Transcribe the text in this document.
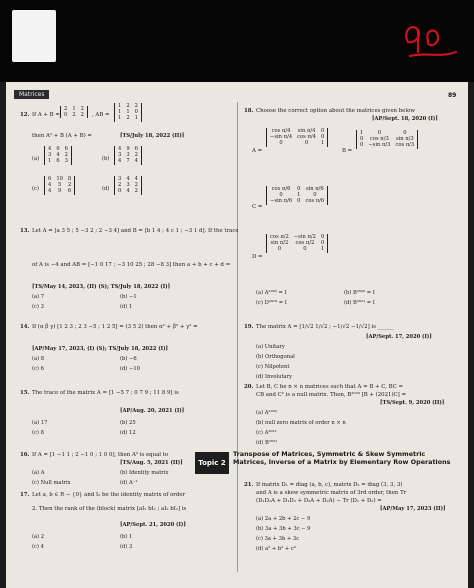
Matrices	89
12. If A + B =
2 1 2
0 2 2 , AB =
1 2 2
1 1 0
1 2 1
then A² + B (A + B) =	[TS/July 18, 2022 (II)]
(a)
4 6 6
3 4 2
1 6 3	(b)
4 9 6
3 3 2
4 7 4
(c)
6 10 8
4	5	2
4	9	6	(d)
3 4 4
2 3 2
0 4 2
13. Let A = [a 3 5 ; 5 −3 2 ; 2 −3 4] and B = [b 1 4 ; 4 c 1 ; −3 1 d]. If the trace
of A is −4 and AB = [−1 0 17 ; −3 10 25 ; 28 −8 3] then a + b + c + d =
[TS/May 14, 2023, (II) (S); TS/July 18, 2022 (I)]
(a) 7	(b) −1
(c) 3	(d) 1
14. If (α β γ) [1 2 3 ; 2 3 −5 ; 1 2 5] = (3 5 2) then α² + β² + γ² =
[AP/May 17, 2023, (I) (S); TS/July 18, 2022 (I)]
(a) 8	(b) −6
(c) 6	(d) −10
15. The trace of the matrix A = [1 −5 7 ; 0 7 9 ; 11 8 9] is
[AP/Aug. 20, 2021 (I)]
(a) 17	(b) 25
(c) 8	(d) 12
16. If A = [1 −1 1 ; 2 −1 0 ; 1 0 0], then A³ is equal to
[TS/Aug. 5, 2021 (II)]
(a) A	(b) Identity matrix
(c) Null matrix	(d) A⁻¹
17. Let a, b ∈ R − {0} and I₂ be the identity matrix of order
2. Then the rank of the (block) matrix [aI₂ bI₂ ; aI₂ bI₂] is
[AP/Sept. 21, 2020 (I)]
(a) 2	(b) 1
(c) 4	(d) 3
18. Choose the correct option about the matrices given below
[AP/Sept. 18, 2020 (I)]
A =
cos π/4	sin π/4 0
−sin π/4 cos π/4 0
0	0	1
B =
1	0	0
0	cos π/3	sin π/3
0 −sin π/3 cos π/3
C =
cos π/6	0 sin π/6
0	1	0
−sin π/6 0 cos π/6
D =
cos π/2 −sin π/2 0
sin π/2	cos π/2	0
0	0	1
(a) A²⁰²⁰ = I	(b) B²⁰²⁰ = I
(c) D²⁰¹⁹ = I	(d) B²⁰²¹ = I
19. The matrix A = [1/√2 1/√2 ; −1/√2 −1/√2] is ______
[AP/Sept. 17, 2020 (I)]
(a) Unitary
(b) Orthogonal
(c) Nilpotent
(d) Involutary
20. Let B, C be n × n matrices such that A = B + C, BC =
CB and C² is a null matrix. Then, B²⁰²⁰ [B + (2021)C] =
[TS/Sept. 9, 2020 (II)]
(a) A²⁰²⁰
(b) null zero matrix of order n × n
(c) A²⁰²¹
(d) B²⁰²¹
Topic 2
Transpose of Matrices, Symmetric & Skew Symmetric Matrices, Inverse of a Matrix by Elementary Row Operations
21. If matrix D₁ = diag (a, b, c), matrix D₂ = diag (3, 3, 3)
and A is a skew symmetric matrix of 3rd order, then Tr
(D₁D₂A + D₁D₂ + D₂A + D₂A) − Tr (D₁ + D₂) =
[AP/May 17, 2023 (II)]
(a) 2a + 2b + 2c − 9
(b) 3a + 3b + 3c − 9
(c) 3a + 3b + 3c
(d) a² + b² + c²
